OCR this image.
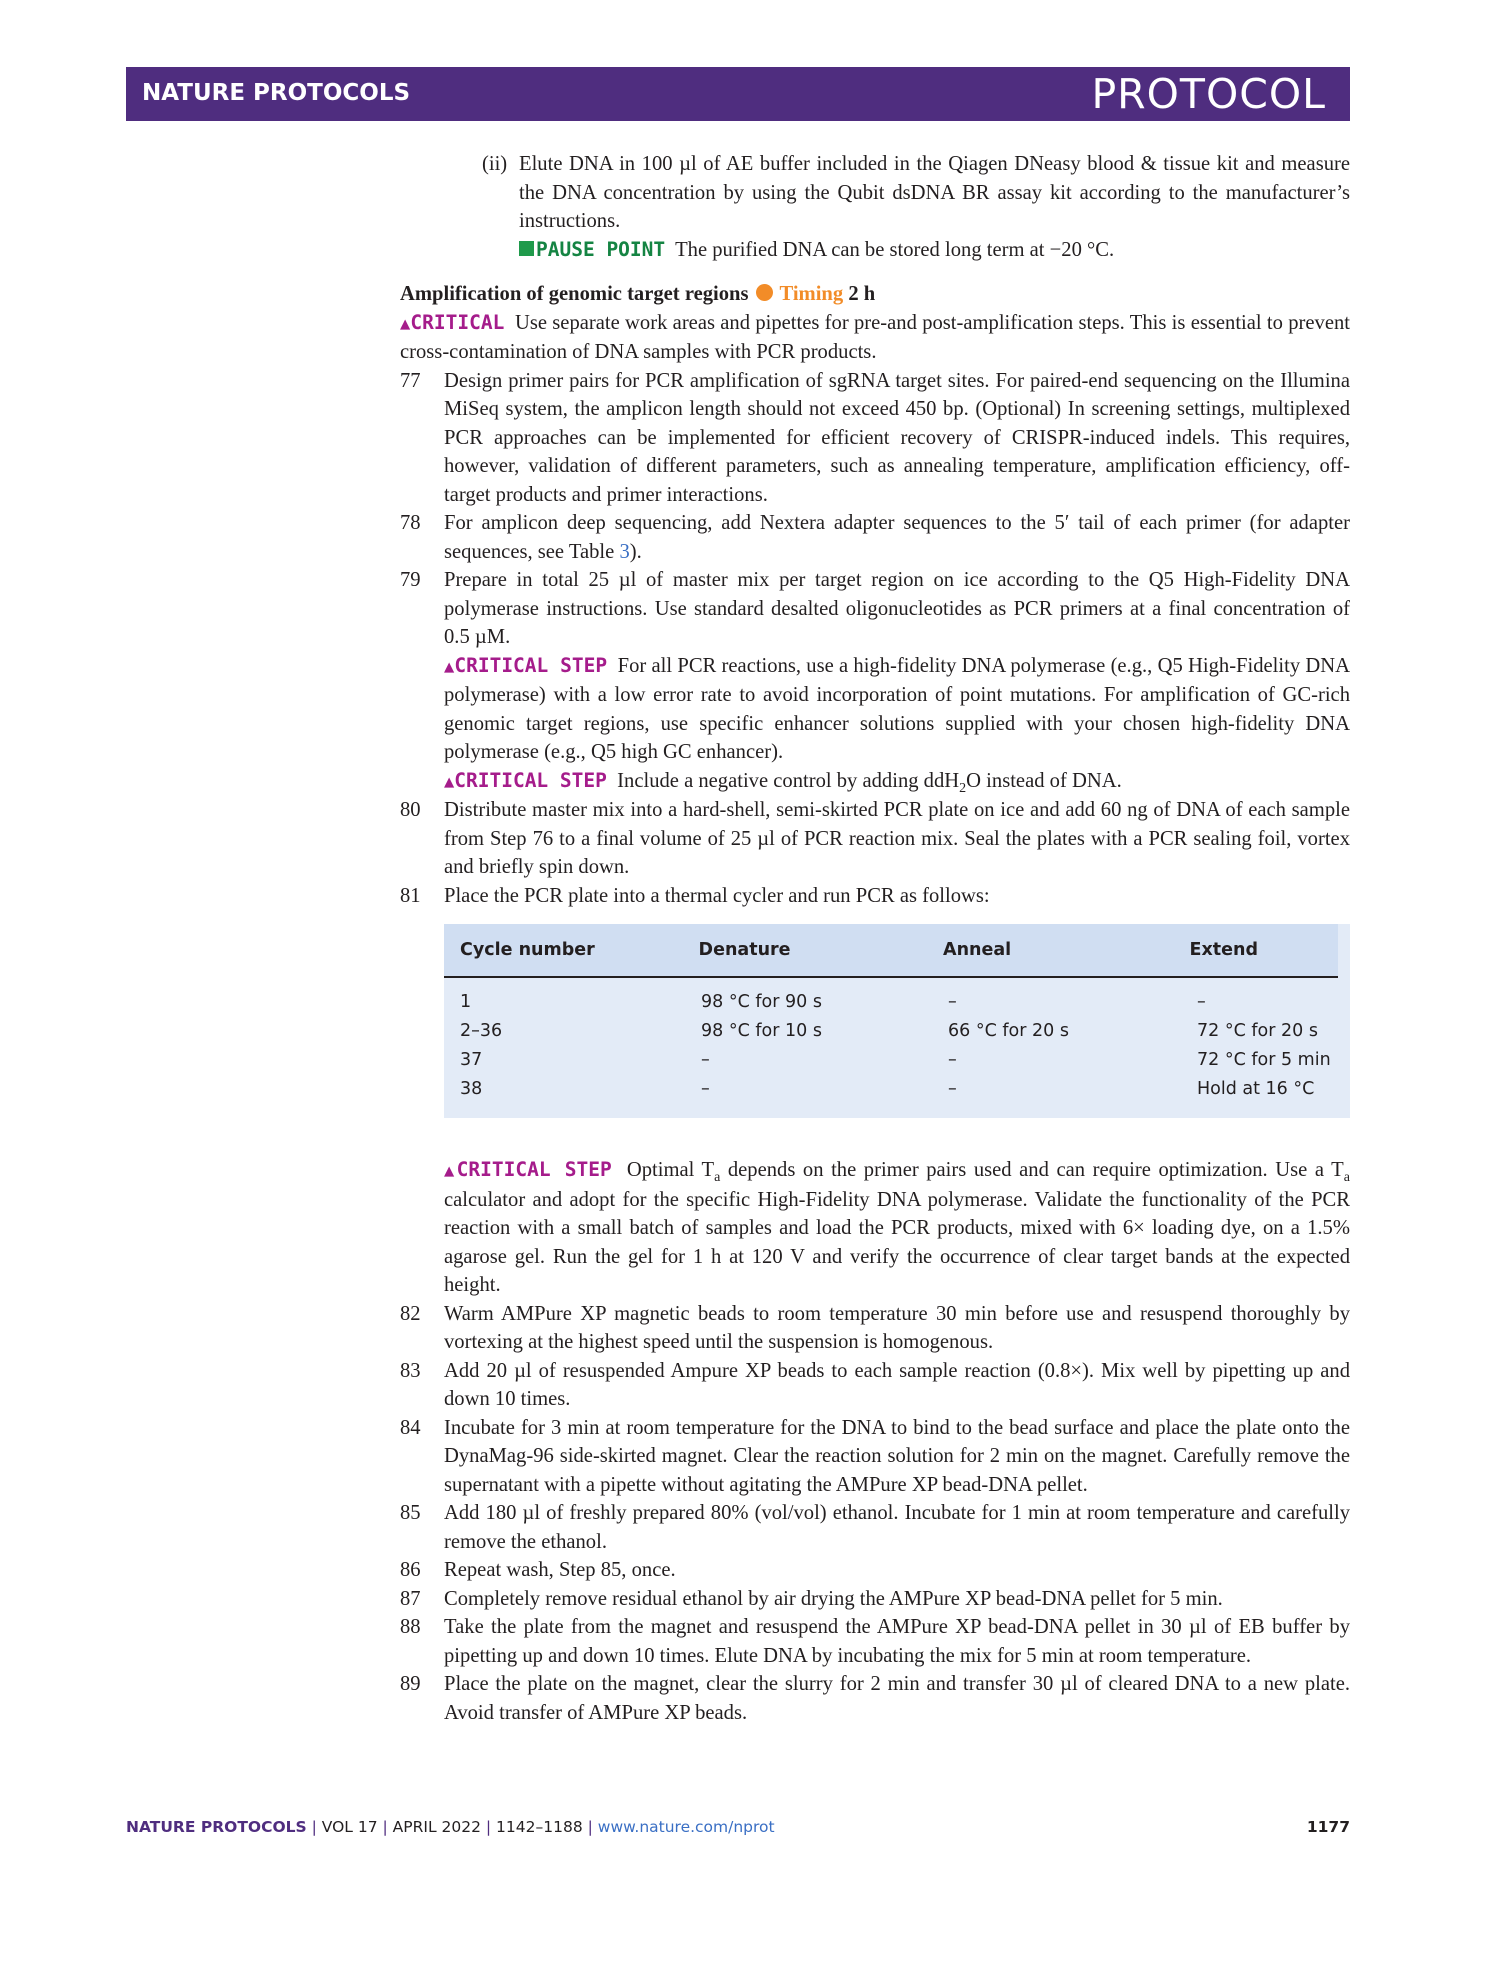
NATURE PROTOCOLS	PROTOCOL

(ii) Elute DNA in 100 µl of AE buffer included in the Qiagen DNeasy blood & tissue kit and measure the DNA concentration by using the Qubit dsDNA BR assay kit according to the manufacturer’s instructions.

PAUSE POINT The purified DNA can be stored long term at −20 °C.

Amplification of genomic target regions Timing 2 h

▲CRITICAL Use separate work areas and pipettes for pre-and post-amplification steps. This is essential to prevent cross-contamination of DNA samples with PCR products.

77 Design primer pairs for PCR amplification of sgRNA target sites. For paired-end sequencing on the Illumina MiSeq system, the amplicon length should not exceed 450 bp. (Optional) In screening settings, multiplexed PCR approaches can be implemented for efficient recovery of CRISPR-induced indels. This requires, however, validation of different parameters, such as annealing temperature, amplification efficiency, off-target products and primer interactions.

78 For amplicon deep sequencing, add Nextera adapter sequences to the 5′ tail of each primer (for adapter sequences, see Table 3).

79 Prepare in total 25 µl of master mix per target region on ice according to the Q5 High-Fidelity DNA polymerase instructions. Use standard desalted oligonucleotides as PCR primers at a final concentration of 0.5 µM.

▲CRITICAL STEP For all PCR reactions, use a high-fidelity DNA polymerase (e.g., Q5 High-Fidelity DNA polymerase) with a low error rate to avoid incorporation of point mutations. For amplification of GC-rich genomic target regions, use specific enhancer solutions supplied with your chosen high-fidelity DNA polymerase (e.g., Q5 high GC enhancer).

▲CRITICAL STEP Include a negative control by adding ddH$_2$O instead of DNA.

80 Distribute master mix into a hard-shell, semi-skirted PCR plate on ice and add 60 ng of DNA of each sample from Step 76 to a final volume of 25 µl of PCR reaction mix. Seal the plates with a PCR sealing foil, vortex and briefly spin down.

81 Place the PCR plate into a thermal cycler and run PCR as follows:

Cycle number	Denature	Anneal	Extend
1	98 °C for 90 s	–	–
2–36	98 °C for 10 s	66 °C for 20 s	72 °C for 20 s
37	–	–	72 °C for 5 min
38	–	–	Hold at 16 °C

▲CRITICAL STEP Optimal $T_a$ depends on the primer pairs used and can require optimization. Use a $T_a$ calculator and adopt for the specific High-Fidelity DNA polymerase. Validate the functionality of the PCR reaction with a small batch of samples and load the PCR products, mixed with 6× loading dye, on a 1.5% agarose gel. Run the gel for 1 h at 120 V and verify the occurrence of clear target bands at the expected height.

82 Warm AMPure XP magnetic beads to room temperature 30 min before use and resuspend thoroughly by vortexing at the highest speed until the suspension is homogenous.

83 Add 20 µl of resuspended Ampure XP beads to each sample reaction (0.8×). Mix well by pipetting up and down 10 times.

84 Incubate for 3 min at room temperature for the DNA to bind to the bead surface and place the plate onto the DynaMag-96 side-skirted magnet. Clear the reaction solution for 2 min on the magnet. Carefully remove the supernatant with a pipette without agitating the AMPure XP bead-DNA pellet.

85 Add 180 µl of freshly prepared 80% (vol/vol) ethanol. Incubate for 1 min at room temperature and carefully remove the ethanol.

86 Repeat wash, Step 85, once.

87 Completely remove residual ethanol by air drying the AMPure XP bead-DNA pellet for 5 min.

88 Take the plate from the magnet and resuspend the AMPure XP bead-DNA pellet in 30 µl of EB buffer by pipetting up and down 10 times. Elute DNA by incubating the mix for 5 min at room temperature.

89 Place the plate on the magnet, clear the slurry for 2 min and transfer 30 µl of cleared DNA to a new plate. Avoid transfer of AMPure XP beads.

NATURE PROTOCOLS | VOL 17 | APRIL 2022 | 1142–1188 | www.nature.com/nprot	1177
